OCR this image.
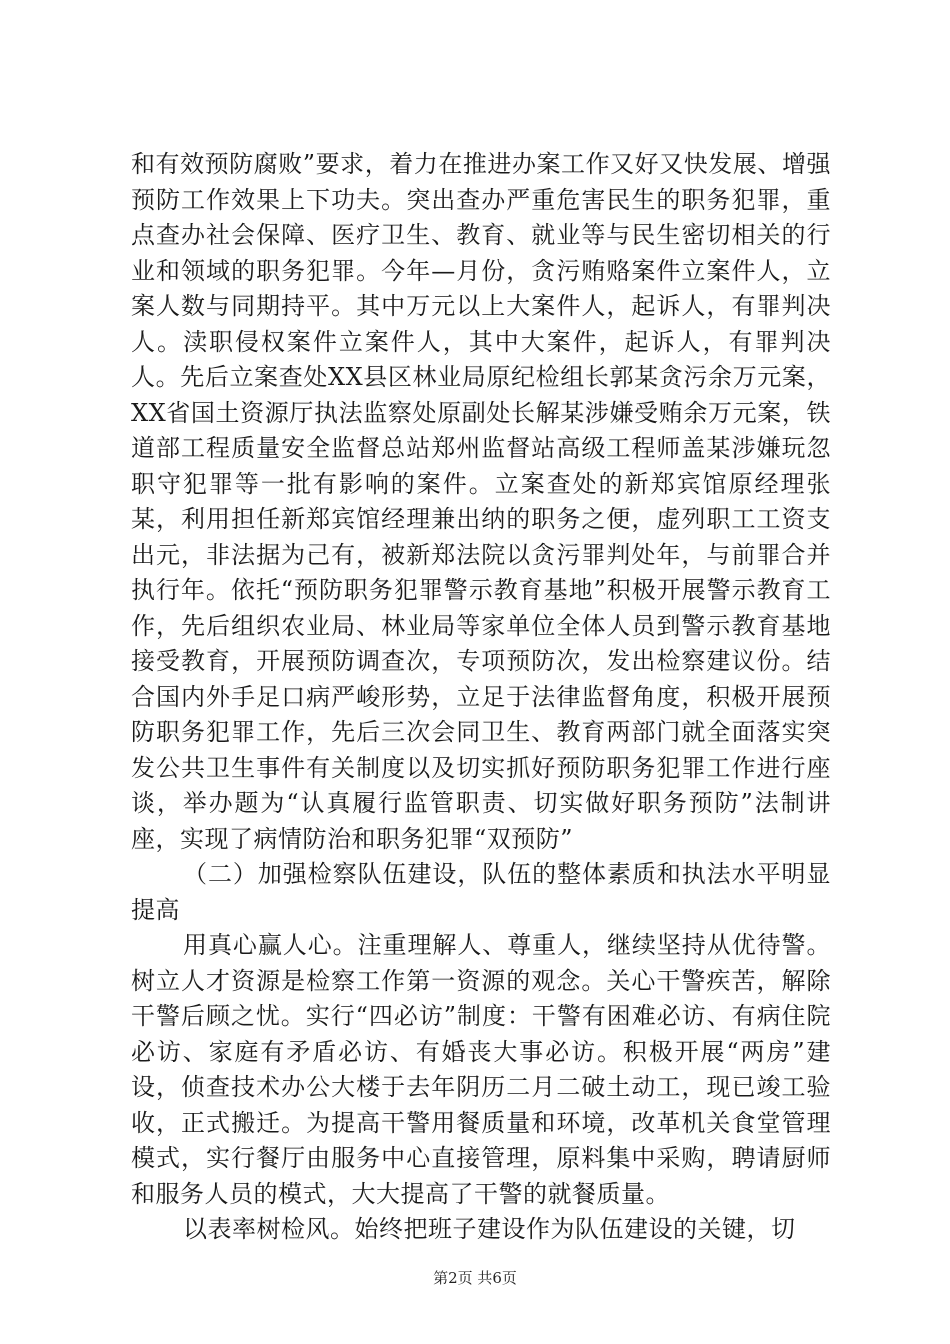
和有效预防腐败”要求，着力在推进办案工作又好又快发展、增强预防工作效果上下功夫。突出查办严重危害民生的职务犯罪，重点查办社会保障、医疗卫生、教育、就业等与民生密切相关的行业和领域的职务犯罪。今年—月份，贪污贿赂案件立案件人，立案人数与同期持平。其中万元以上大案件人，起诉人，有罪判决人。渎职侵权案件立案件人，其中大案件，起诉人，有罪判决人。先后立案查处XX县区林业局原纪检组长郭某贪污余万元案，XX省国土资源厅执法监察处原副处长解某涉嫌受贿余万元案，铁道部工程质量安全监督总站郑州监督站高级工程师盖某涉嫌玩忽职守犯罪等一批有影响的案件。立案查处的新郑宾馆原经理张某，利用担任新郑宾馆经理兼出纳的职务之便，虚列职工工资支出元，非法据为己有，被新郑法院以贪污罪判处年，与前罪合并执行年。依托“预防职务犯罪警示教育基地”积极开展警示教育工作，先后组织农业局、林业局等家单位全体人员到警示教育基地接受教育，开展预防调查次，专项预防次，发出检察建议份。结合国内外手足口病严峻形势，立足于法律监督角度，积极开展预防职务犯罪工作，先后三次会同卫生、教育两部门就全面落实突发公共卫生事件有关制度以及切实抓好预防职务犯罪工作进行座谈，举办题为“认真履行监管职责、切实做好职务预防”法制讲座，实现了病情防治和职务犯罪“双预防”

（二）加强检察队伍建设，队伍的整体素质和执法水平明显提高

用真心赢人心。注重理解人、尊重人，继续坚持从优待警。树立人才资源是检察工作第一资源的观念。关心干警疾苦，解除干警后顾之忧。实行“四必访”制度：干警有困难必访、有病住院必访、家庭有矛盾必访、有婚丧大事必访。积极开展“两房”建设，侦查技术办公大楼于去年阴历二月二破土动工，现已竣工验收，正式搬迁。为提高干警用餐质量和环境，改革机关食堂管理模式，实行餐厅由服务中心直接管理，原料集中采购，聘请厨师和服务人员的模式，大大提高了干警的就餐质量。

以表率树检风。始终把班子建设作为队伍建设的关键，切

第2页 共6页
